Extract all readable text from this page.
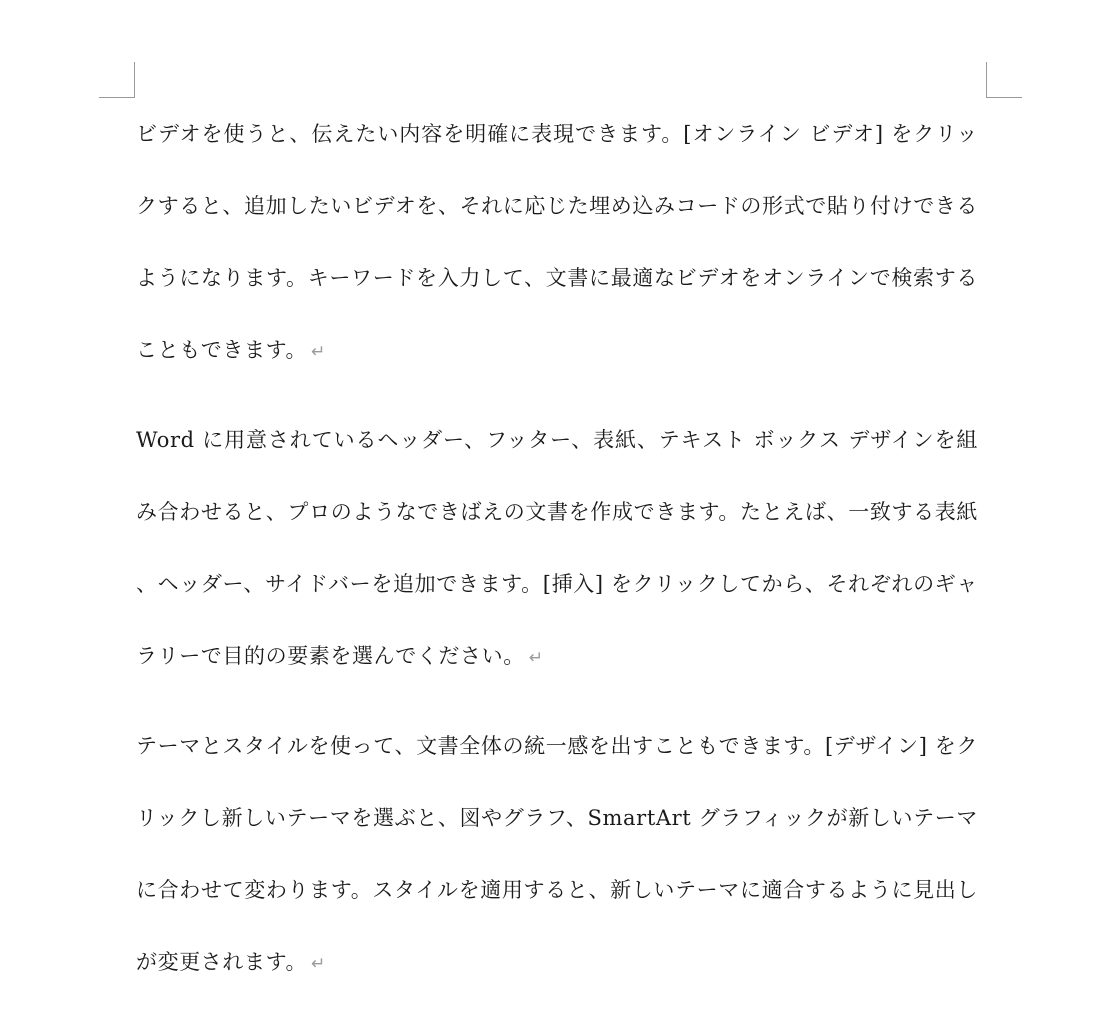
ビデオを使うと、伝えたい内容を明確に表現できます。[オンライン ビデオ] をクリックすると、追加したいビデオを、それに応じた埋め込みコードの形式で貼り付けできるようになります。キーワードを入力して、文書に最適なビデオをオンラインで検索することもできます。 ↵

Word に用意されているヘッダー、フッター、表紙、テキスト ボックス デザインを組み合わせると、プロのようなできばえの文書を作成できます。たとえば、一致する表紙、ヘッダー、サイドバーを追加できます。[挿入] をクリックしてから、それぞれのギャラリーで目的の要素を選んでください。 ↵

テーマとスタイルを使って、文書全体の統一感を出すこともできます。[デザイン] をクリックし新しいテーマを選ぶと、図やグラフ、SmartArt グラフィックが新しいテーマに合わせて変わります。スタイルを適用すると、新しいテーマに適合するように見出しが変更されます。 ↵
